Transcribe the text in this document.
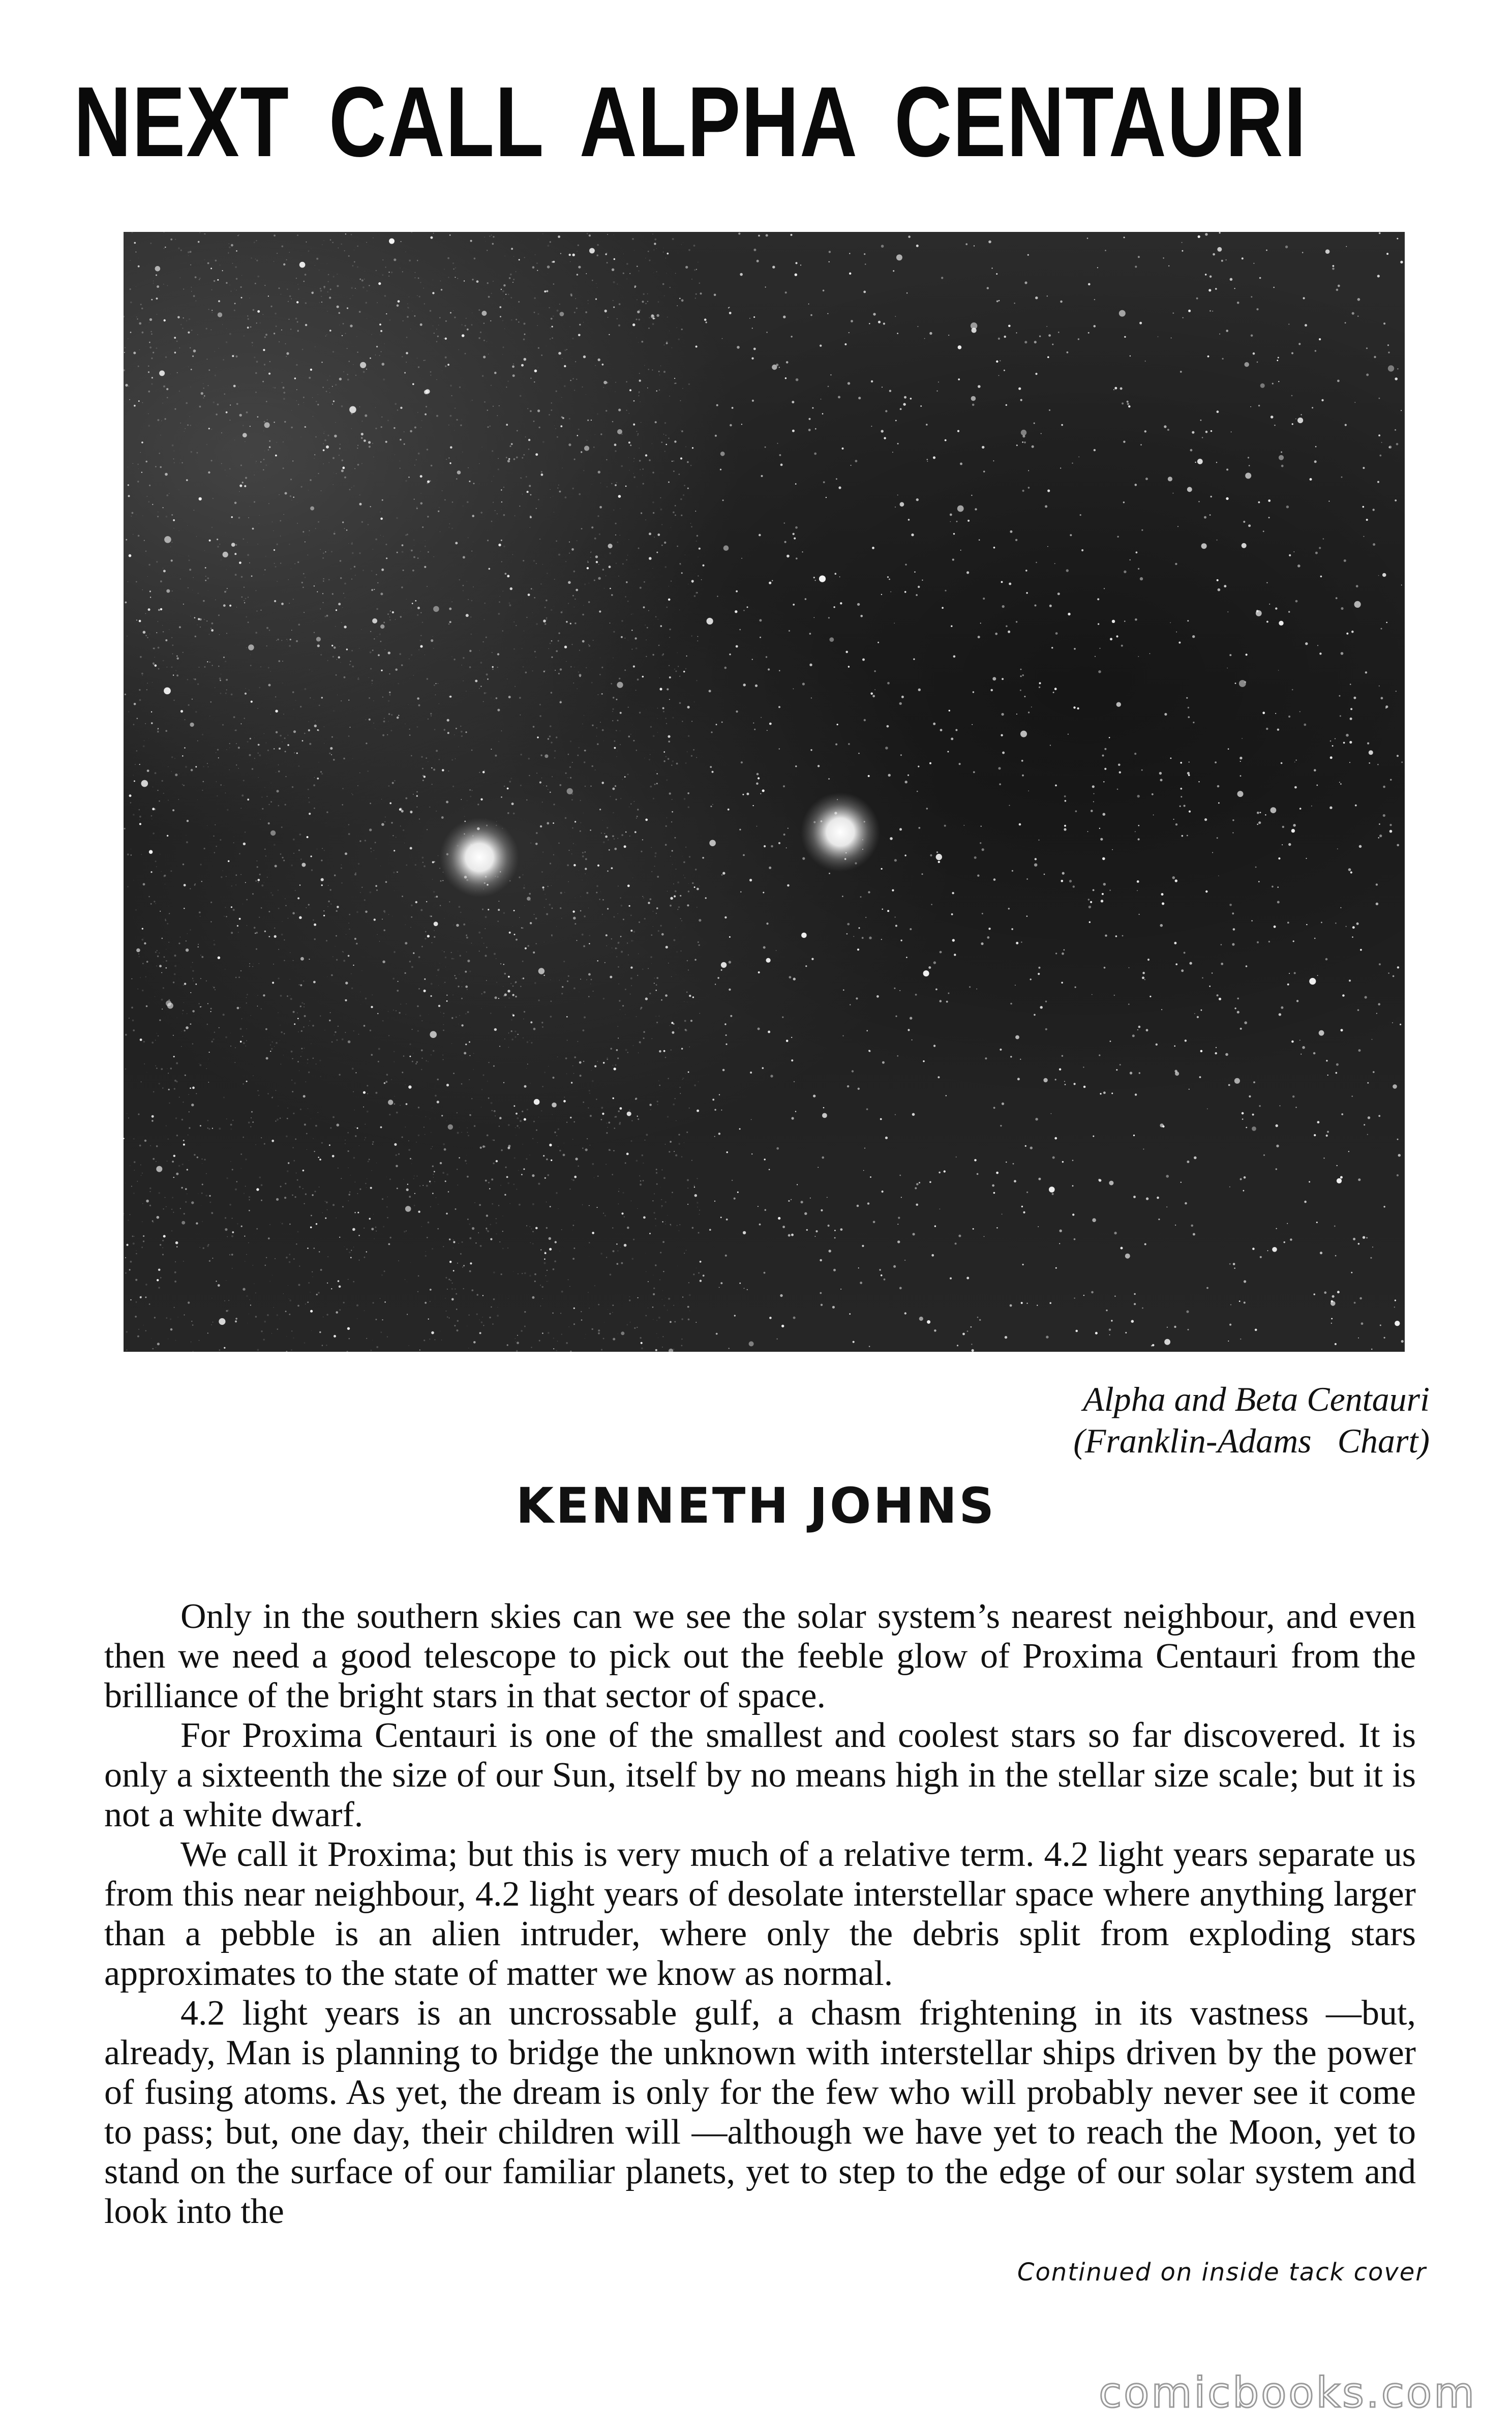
NEXT CALL ALPHA CENTAURI
Alpha and Beta Centauri
(Franklin-Adams   Chart)
KENNETH JOHNS

Only in the southern skies can we see the solar system’s nearest neighbour, and even then we need a good telescope to pick out the feeble glow of Proxima Centauri from the brilliance of the bright stars in that sector of space.

For Proxima Centauri is one of the smallest and coolest stars so far discovered. It is only a sixteenth the size of our Sun, itself by no means high in the stellar size scale; but it is not a white dwarf.

We call it Proxima; but this is very much of a relative term. 4.2 light years separate us from this near neighbour, 4.2 light years of desolate interstellar space where anything larger than a pebble is an alien intruder, where only the debris split from exploding stars approximates to the state of matter we know as normal.

4.2 light years is an uncrossable gulf, a chasm frightening in its vastness —but, already, Man is planning to bridge the unknown with interstellar ships driven by the power of fusing atoms. As yet, the dream is only for the few who will probably never see it come to pass; but, one day, their children will —although we have yet to reach the Moon, yet to stand on the surface of our familiar planets, yet to step to the edge of our solar system and look into the

Continued on inside tack cover
comicbooks.com
